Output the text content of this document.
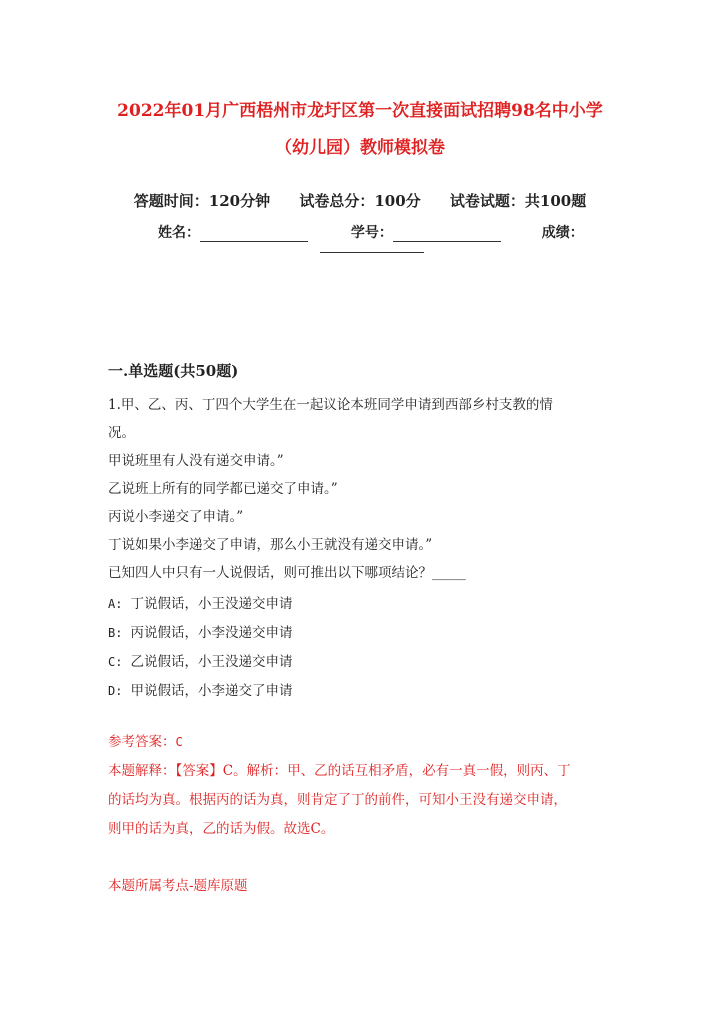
2022年01月广西梧州市龙圩区第一次直接面试招聘98名中小学
（幼儿园）教师模拟卷
答题时间：120分钟 试卷总分：100分 试卷试题：共100题
姓名：	学号：	成绩：
一.单选题(共50题)
1.甲、乙、丙、丁四个大学生在一起议论本班同学申请到西部乡村支教的情
况。
甲说班里有人没有递交申请。”
乙说班上所有的同学都已递交了申请。”
丙说小李递交了申请。”
丁说如果小李递交了申请，那么小王就没有递交申请。”
已知四人中只有一人说假话，则可推出以下哪项结论？_____
A: 丁说假话，小王没递交申请
B: 丙说假话，小李没递交申请
C: 乙说假话，小王没递交申请
D: 甲说假话，小李递交了申请
参考答案：C
本题解释：【答案】C。解析：甲、乙的话互相矛盾，必有一真一假，则丙、丁
的话均为真。根据丙的话为真，则肯定了丁的前件，可知小王没有递交申请，
则甲的话为真，乙的话为假。故选C。
本题所属考点-题库原题
